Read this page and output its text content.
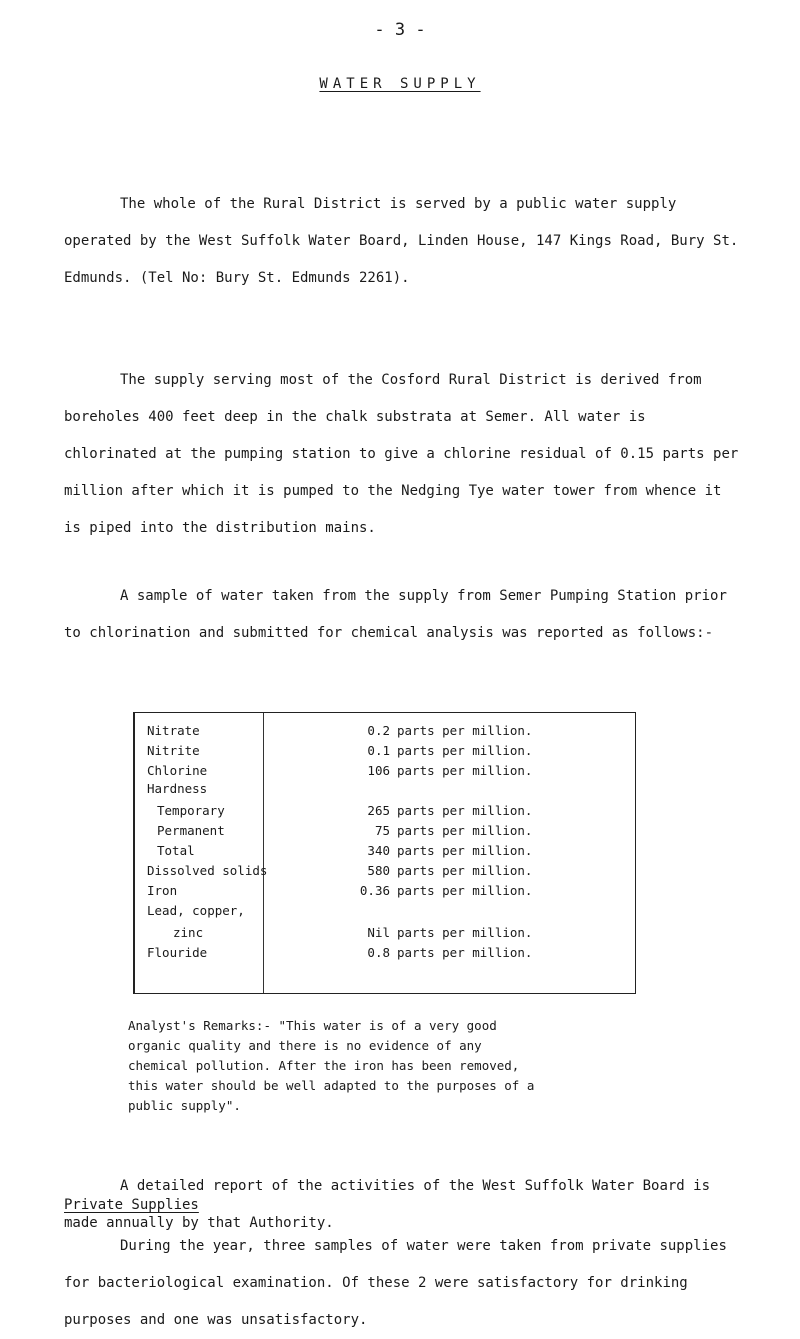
- 3 -
WATER SUPPLY

The whole of the Rural District is served by a public water supply operated by the West Suffolk Water Board, Linden House, 147 Kings Road, Bury St. Edmunds. (Tel No: Bury St. Edmunds 2261).

The supply serving most of the Cosford Rural District is derived from boreholes 400 feet deep in the chalk substrata at Semer. All water is chlorinated at the pumping station to give a chlorine residual of 0.15 parts per million after which it is pumped to the Nedging Tye water tower from whence it is piped into the distribution mains.

A sample of water taken from the supply from Semer Pumping Station prior to chlorination and submitted for chemical analysis was reported as follows:-

Nitrate	0.2 parts per million.
Nitrite	0.1 parts per million.
Chlorine	106 parts per million.
Hardness
Temporary	265 parts per million.
Permanent	75 parts per million.
Total	340 parts per million.
Dissolved solids	580 parts per million.
Iron	0.36 parts per million.
Lead, copper,
zinc	Nil parts per million.
Flouride	0.8 parts per million.

Analyst's Remarks:- "This water is of a very good organic quality and there is no evidence of any chemical pollution. After the iron has been removed, this water should be well adapted to the purposes of a public supply".

A detailed report of the activities of the West Suffolk Water Board is made annually by that Authority.

Private Supplies

During the year, three samples of water were taken from private supplies for bacteriological examination. Of these 2 were satisfactory for drinking purposes and one was unsatisfactory.
